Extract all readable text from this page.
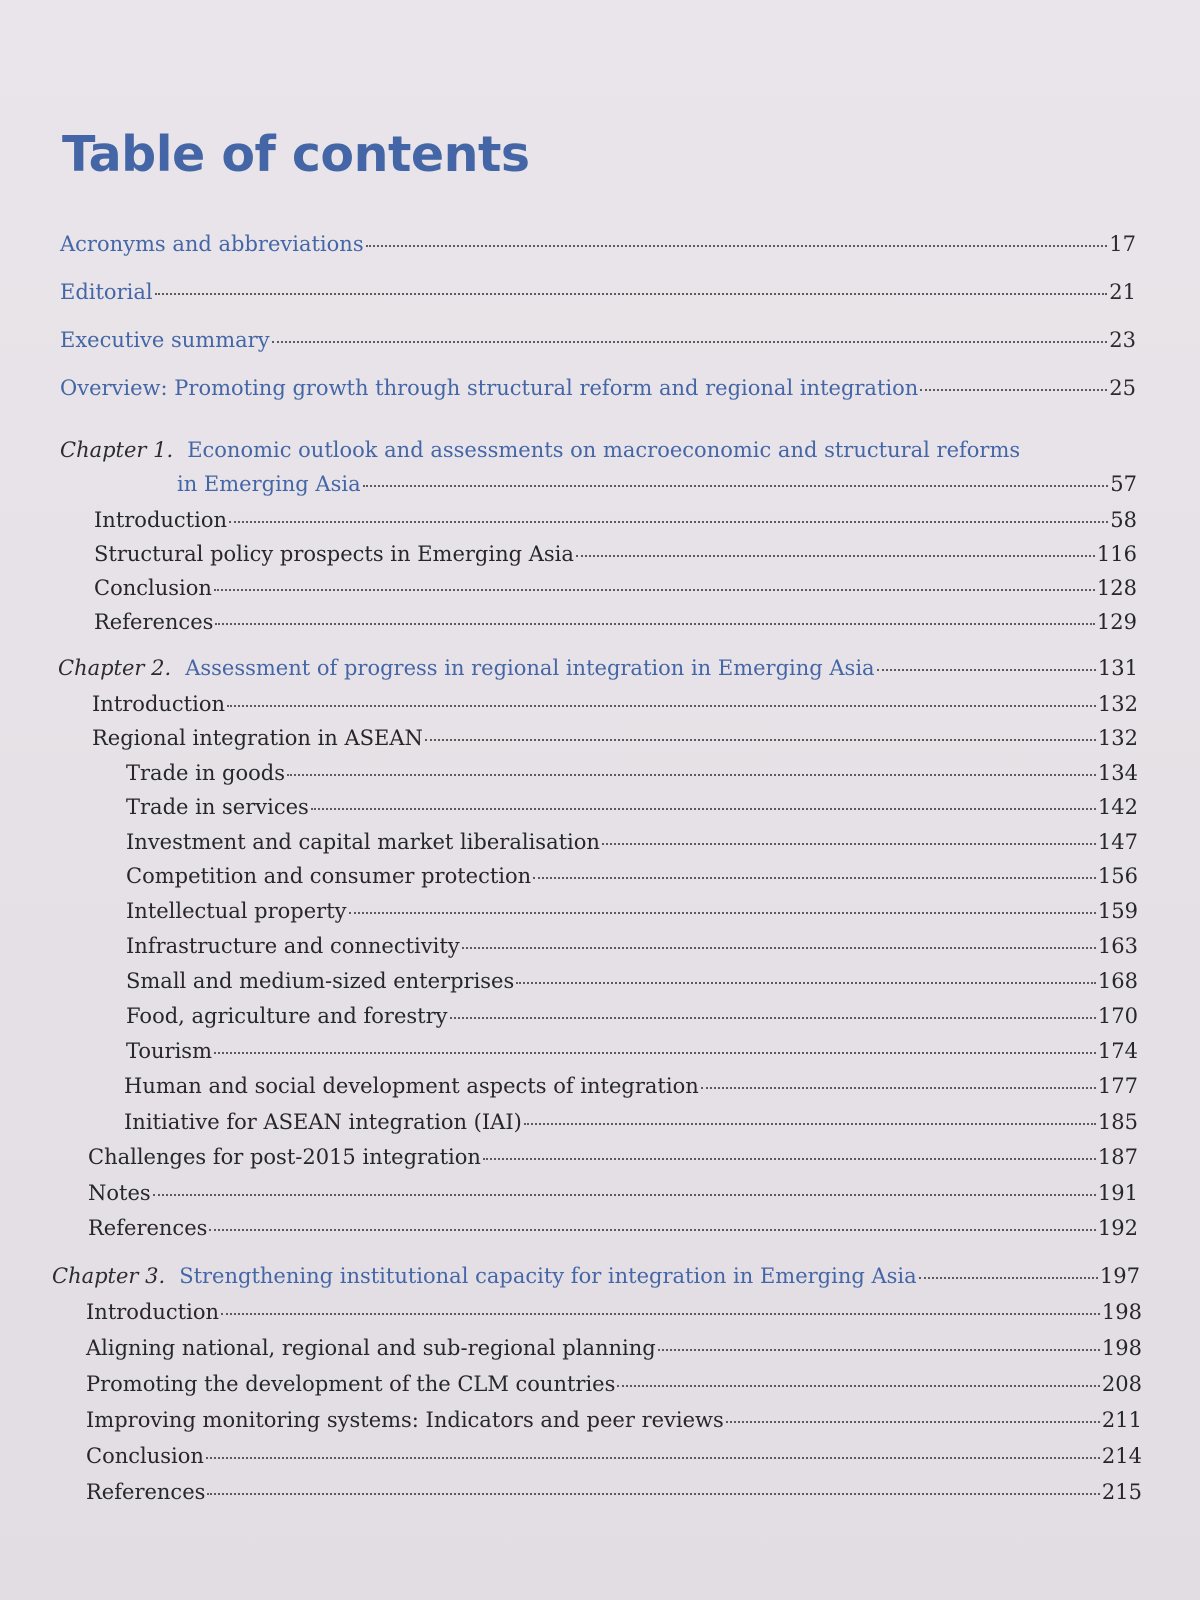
Table of contents
Acronyms and abbreviations	17
Editorial	21
Executive summary	23
Overview: Promoting growth through structural reform and regional integration	25
Chapter 1. Economic outlook and assessments on macroeconomic and structural reforms
in Emerging Asia	57
Introduction	58
Structural policy prospects in Emerging Asia	116
Conclusion	128
References	129
Chapter 2. Assessment of progress in regional integration in Emerging Asia	131
Introduction	132
Regional integration in ASEAN	132
Trade in goods	134
Trade in services	142
Investment and capital market liberalisation	147
Competition and consumer protection	156
Intellectual property	159
Infrastructure and connectivity	163
Small and medium-sized enterprises	168
Food, agriculture and forestry	170
Tourism	174
Human and social development aspects of integration	177
Initiative for ASEAN integration (IAI)	185
Challenges for post-2015 integration	187
Notes	191
References	192
Chapter 3. Strengthening institutional capacity for integration in Emerging Asia	197
Introduction	198
Aligning national, regional and sub-regional planning	198
Promoting the development of the CLM countries	208
Improving monitoring systems: Indicators and peer reviews	211
Conclusion	214
References	215
